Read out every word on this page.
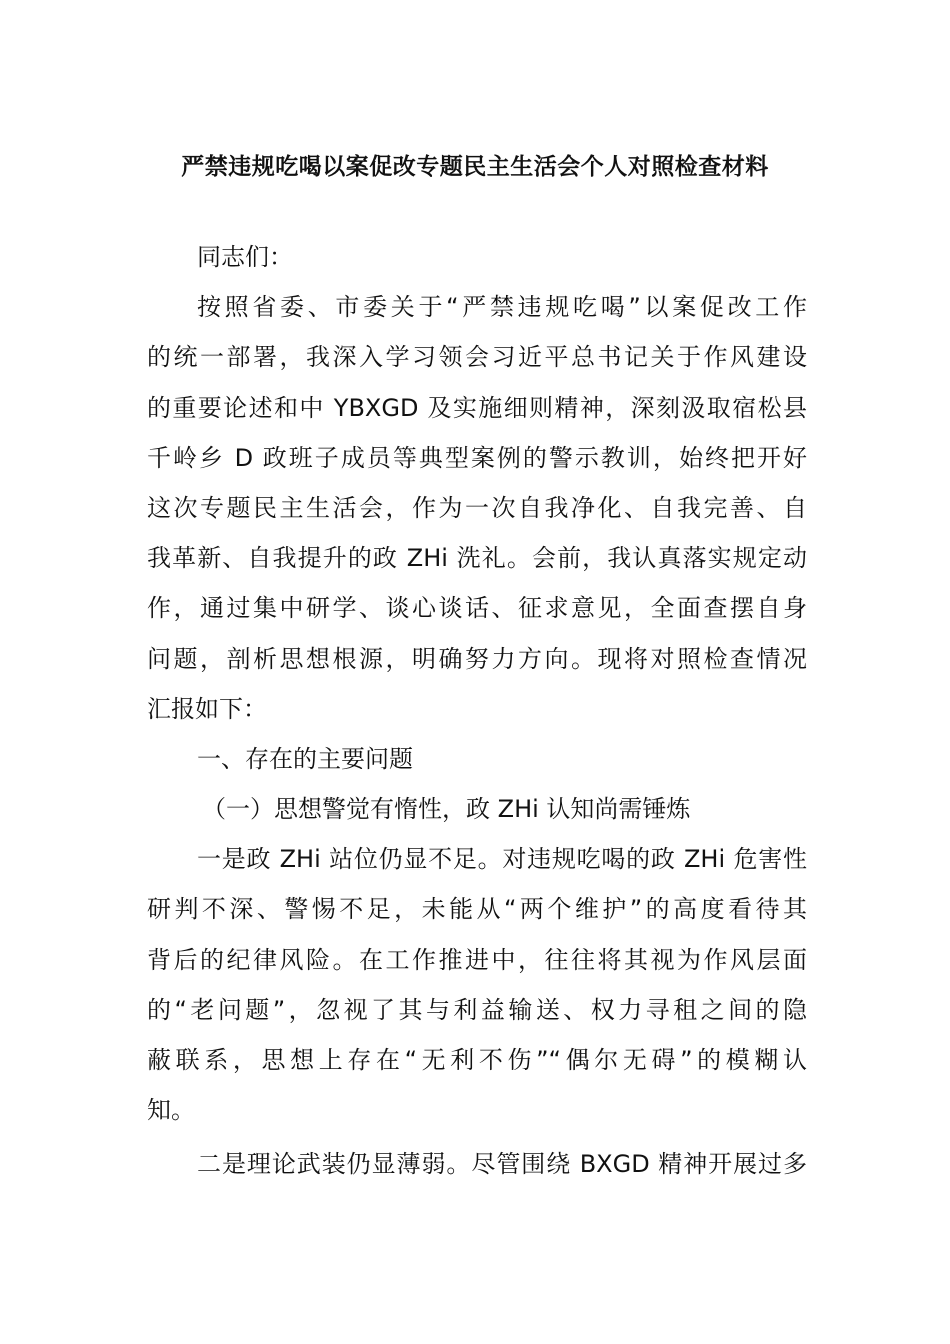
严禁违规吃喝以案促改专题民主生活会个人对照检查材料
同志们：
按照省委、市委关于“严禁违规吃喝”以案促改工作
的统一部署，我深入学习领会习近平总书记关于作风建设
的重要论述和中 YBXGD 及实施细则精神，深刻汲取宿松县
千岭乡 D 政班子成员等典型案例的警示教训，始终把开好
这次专题民主生活会，作为一次自我净化、自我完善、自
我革新、自我提升的政 ZHi 洗礼。会前，我认真落实规定动
作，通过集中研学、谈心谈话、征求意见，全面查摆自身
问题，剖析思想根源，明确努力方向。现将对照检查情况
汇报如下：
一、存在的主要问题
（一）思想警觉有惰性，政 ZHi 认知尚需锤炼
一是政 ZHi 站位仍显不足。对违规吃喝的政 ZHi 危害性
研判不深、警惕不足，未能从“两个维护”的高度看待其
背后的纪律风险。在工作推进中，往往将其视为作风层面
的“老问题”，忽视了其与利益输送、权力寻租之间的隐
蔽联系，思想上存在“无利不伤”“偶尔无碍”的模糊认
知。
二是理论武装仍显薄弱。尽管围绕 BXGD 精神开展过多
